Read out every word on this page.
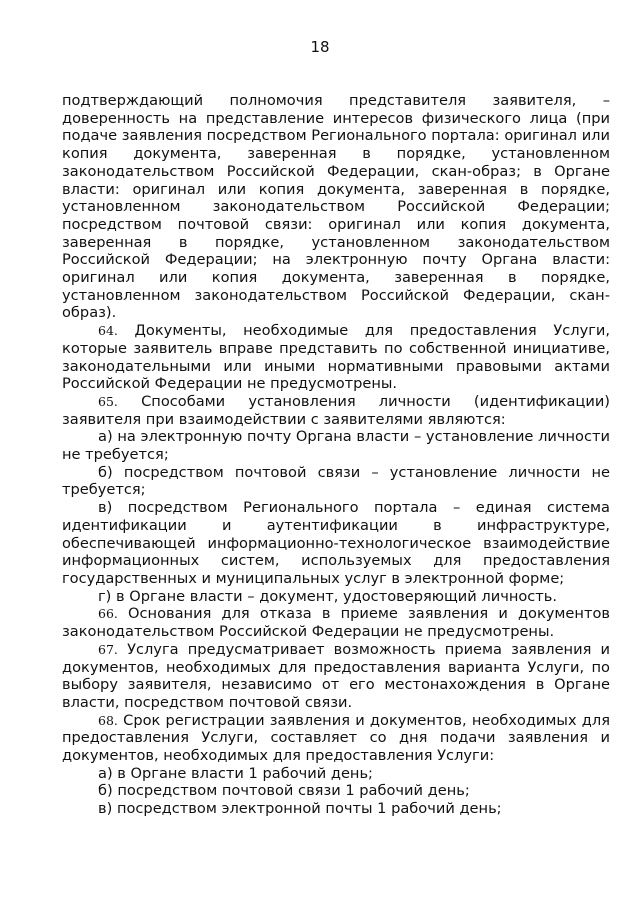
18

подтверждающий полномочия представителя заявителя, – доверенность на представление интересов физического лица (при подаче заявления посредством Регионального портала: оригинал или копия документа, заверенная в порядке, установленном законодательством Российской Федерации, скан-образ; в Органе власти: оригинал или копия документа, заверенная в порядке, установленном законодательством Российской Федерации; посредством почтовой связи: оригинал или копия документа, заверенная в порядке, установленном законодательством Российской Федерации; на электронную почту Органа власти: оригинал или копия документа, заверенная в порядке, установленном законодательством Российской Федерации, скан-образ).

64. Документы, необходимые для предоставления Услуги, которые заявитель вправе представить по собственной инициативе, законодательными или иными нормативными правовыми актами Российской Федерации не предусмотрены.

65. Способами установления личности (идентификации) заявителя при взаимодействии с заявителями являются:

а) на электронную почту Органа власти – установление личности не требуется;

б) посредством почтовой связи – установление личности не требуется;

в) посредством Регионального портала – единая система идентификации и аутентификации в инфраструктуре, обеспечивающей информационно-технологическое взаимодействие информационных систем, используемых для предоставления государственных и муниципальных услуг в электронной форме;

г) в Органе власти – документ, удостоверяющий личность.

66. Основания для отказа в приеме заявления и документов законодательством Российской Федерации не предусмотрены.

67. Услуга предусматривает возможность приема заявления и документов, необходимых для предоставления варианта Услуги, по выбору заявителя, независимо от его местонахождения в Органе власти, посредством почтовой связи.

68. Срок регистрации заявления и документов, необходимых для предоставления Услуги, составляет со дня подачи заявления и документов, необходимых для предоставления Услуги:

а) в Органе власти 1 рабочий день;

б) посредством почтовой связи 1 рабочий день;

в) посредством электронной почты 1 рабочий день;
